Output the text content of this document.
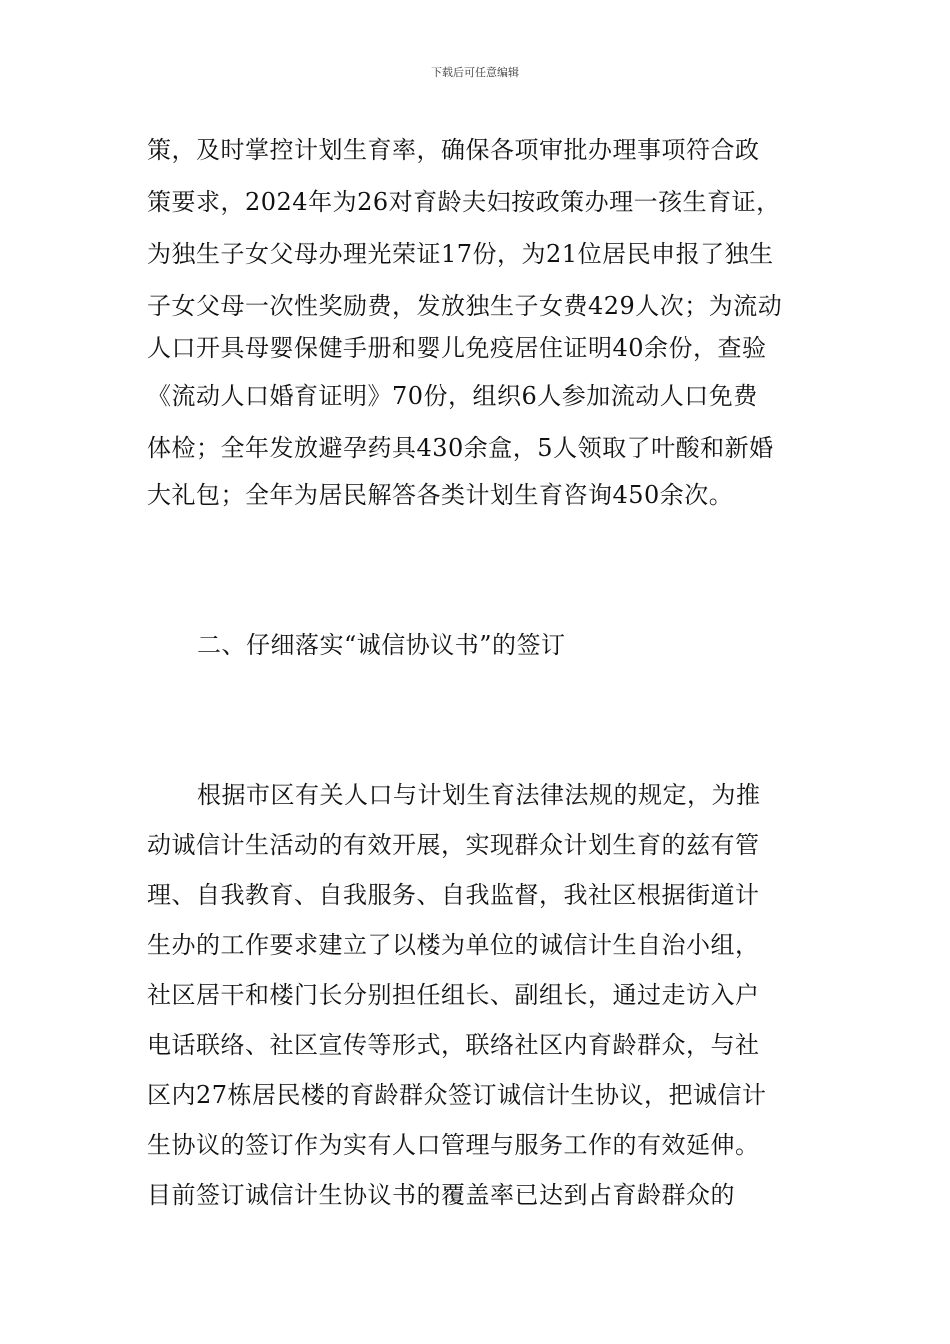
下载后可任意编辑
策，及时掌控计划生育率，确保各项审批办理事项符合政
策要求，2024年为26对育龄夫妇按政策办理一孩生育证，
为独生子女父母办理光荣证17份，为21位居民申报了独生
子女父母一次性奖励费，发放独生子女费429人次；为流动
人口开具母婴保健手册和婴儿免疫居住证明40余份，查验
《流动人口婚育证明》70份，组织6人参加流动人口免费
体检；全年发放避孕药具430余盒，5人领取了叶酸和新婚
大礼包；全年为居民解答各类计划生育咨询450余次。
二、仔细落实“诚信协议书”的签订
根据市区有关人口与计划生育法律法规的规定，为推
动诚信计生活动的有效开展，实现群众计划生育的兹有管
理、自我教育、自我服务、自我监督，我社区根据街道计
生办的工作要求建立了以楼为单位的诚信计生自治小组，
社区居干和楼门长分别担任组长、副组长，通过走访入户
电话联络、社区宣传等形式，联络社区内育龄群众，与社
区内27栋居民楼的育龄群众签订诚信计生协议，把诚信计
生协议的签订作为实有人口管理与服务工作的有效延伸。
目前签订诚信计生协议书的覆盖率已达到占育龄群众的
